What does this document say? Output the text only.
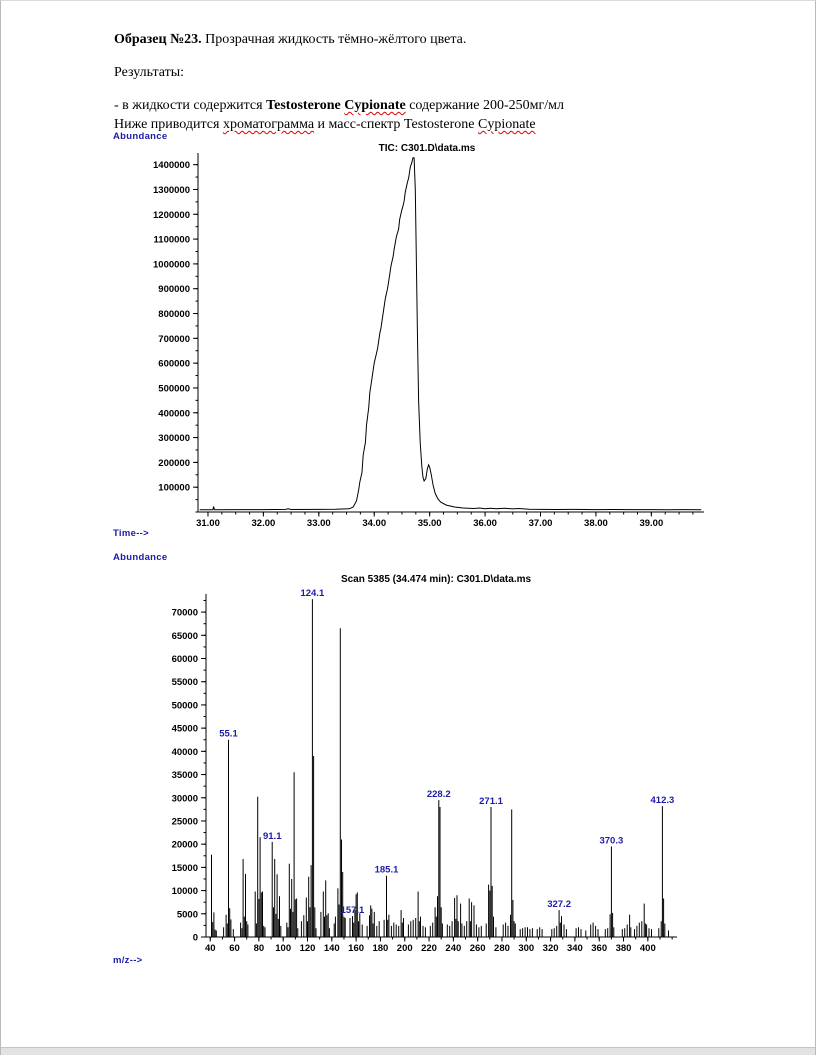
Образец №23. Прозрачная жидкость тёмно-жёлтого цвета.

Результаты:

- в жидкости содержится Testosterone Cypionate содержание 200-250мг/мл
Ниже приводится хроматограмма и масс-спектр Testosterone Cypionate

Abundance
Time-->
Abundance
m/z-->
31.00	32.00	33.00	34.00	35.00	36.00	37.00	38.00	39.00
100000
200000
300000
400000
500000
600000
700000
800000
900000
1000000
1100000
1200000
1300000
1400000
TIC: C301.D\data.ms
40 60 80 100 120 140 160 180 200 220 240 260 280 300 320 340 360 380 400
0
5000
10000
15000
20000
25000
30000
35000
40000
45000
50000
55000
60000
65000
70000
Scan 5385 (34.474 min): C301.D\data.ms
55.1
91.1
124.1
157.1
185.1
228.2
271.1
327.2
370.3
412.3
